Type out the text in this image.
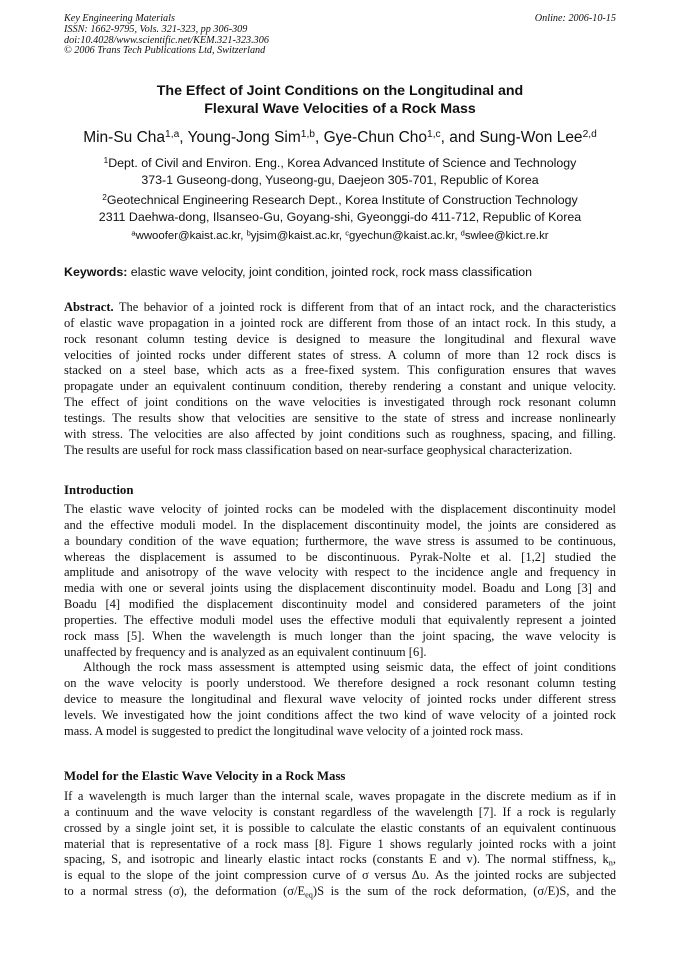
Key Engineering Materials	Online: 2006-10-15
ISSN: 1662-9795, Vols. 321-323, pp 306-309
doi:10.4028/www.scientific.net/KEM.321-323.306
© 2006 Trans Tech Publications Ltd, Switzerland
The Effect of Joint Conditions on the Longitudinal and
Flexural Wave Velocities of a Rock Mass
Min-Su Cha$^{1,a}$, Young-Jong Sim$^{1,b}$, Gye-Chun Cho$^{1,c}$, and Sung-Won Lee$^{2,d}$
$^1$Dept. of Civil and Environ. Eng., Korea Advanced Institute of Science and Technology
373-1 Guseong-dong, Yuseong-gu, Daejeon 305-701, Republic of Korea
$^2$Geotechnical Engineering Research Dept., Korea Institute of Construction Technology
2311 Daehwa-dong, Ilsanseo-Gu, Goyang-shi, Gyeonggi-do 411-712, Republic of Korea
$^a$wwoofer@kaist.ac.kr, $^b$yjsim@kaist.ac.kr, $^c$gyechun@kaist.ac.kr, $^d$swlee@kict.re.kr
Keywords: elastic wave velocity, joint condition, jointed rock, rock mass classification
Abstract. The behavior of a jointed rock is different from that of an intact rock, and the characteristics
of elastic wave propagation in a jointed rock are different from those of an intact rock. In this study, a
rock resonant column testing device is designed to measure the longitudinal and flexural wave
velocities of jointed rocks under different states of stress. A column of more than 12 rock discs is
stacked on a steel base, which acts as a free-fixed system. This configuration ensures that waves
propagate under an equivalent continuum condition, thereby rendering a constant and unique velocity.
The effect of joint conditions on the wave velocities is investigated through rock resonant column
testings. The results show that velocities are sensitive to the state of stress and increase nonlinearly
with stress. The velocities are also affected by joint conditions such as roughness, spacing, and filling.
The results are useful for rock mass classification based on near-surface geophysical characterization.
Introduction
The elastic wave velocity of jointed rocks can be modeled with the displacement discontinuity model
and the effective moduli model. In the displacement discontinuity model, the joints are considered as
a boundary condition of the wave equation; furthermore, the wave stress is assumed to be continuous,
whereas the displacement is assumed to be discontinuous. Pyrak-Nolte et al. [1,2] studied the
amplitude and anisotropy of the wave velocity with respect to the incidence angle and frequency in
media with one or several joints using the displacement discontinuity model. Boadu and Long [3] and
Boadu [4] modified the displacement discontinuity model and considered parameters of the joint
properties. The effective moduli model uses the effective moduli that equivalently represent a jointed
rock mass [5]. When the wavelength is much longer than the joint spacing, the wave velocity is
unaffected by frequency and is analyzed as an equivalent continuum [6].
Although the rock mass assessment is attempted using seismic data, the effect of joint conditions
on the wave velocity is poorly understood. We therefore designed a rock resonant column testing
device to measure the longitudinal and flexural wave velocity of jointed rocks under different stress
levels. We investigated how the joint conditions affect the two kind of wave velocity of a jointed rock
mass. A model is suggested to predict the longitudinal wave velocity of a jointed rock mass.
Model for the Elastic Wave Velocity in a Rock Mass
If a wavelength is much larger than the internal scale, waves propagate in the discrete medium as if in
a continuum and the wave velocity is constant regardless of the wavelength [7]. If a rock is regularly
crossed by a single joint set, it is possible to calculate the elastic constants of an equivalent continuous
material that is representative of a rock mass [8]. Figure 1 shows regularly jointed rocks with a joint
spacing, S, and isotropic and linearly elastic intact rocks (constants E and v). The normal stiffness, $k_n$,
is equal to the slope of the joint compression curve of σ versus Δυ. As the jointed rocks are subjected
to a normal stress (σ), the deformation $(\sigma/E_{eq})S$ is the sum of the rock deformation, (σ/E)S, and the
